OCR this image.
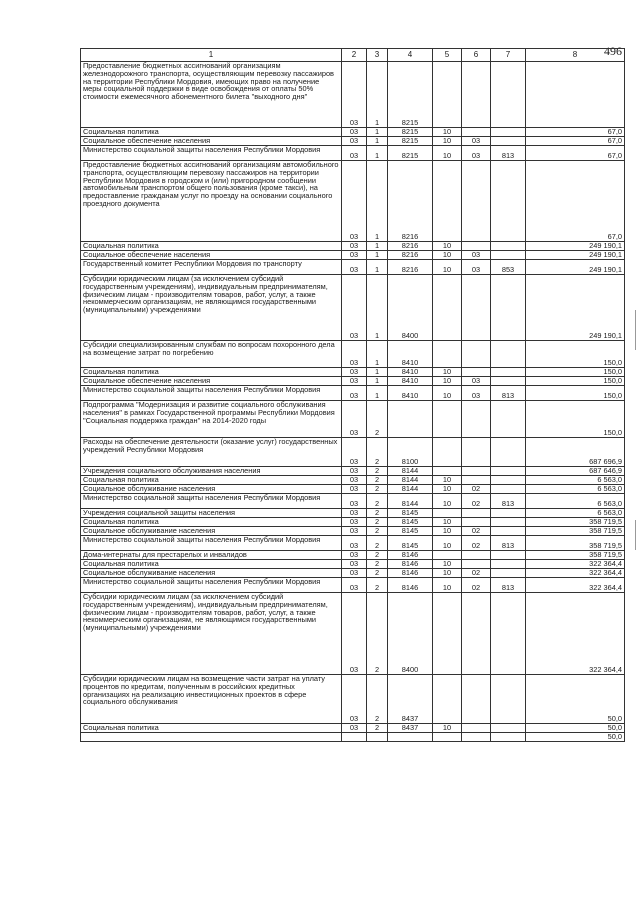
496
1	2	3	4	5	6	7	8
Предоставление бюджетных ассигнований организациям железнодорожного транспорта, осуществляющим перевозку пассажиров на территории Республики Мордовия, имеющих право на получение меры социальной поддержки в виде освобождения от оплаты 50% стоимости ежемесячного абонементного билета "выходного дня"	03	1	8215				
Социальная политика	03	1	8215	10			67,0
Социальное обеспечение населения	03	1	8215	10	03		67,0
Министерство социальной защиты населения Республики Мордовия	03	1	8215	10	03	813	67,0
Предоставление бюджетных ассигнований организациям автомобильного транспорта, осуществляющим перевозку пассажиров на территории Республики Мордовия в городском и (или) пригородном сообщении автомобильным транспортом общего пользования (кроме такси), на предоставление гражданам услуг по проезду на основании социального проездного документа	03	1	8216				67,0
Социальная политика	03	1	8216	10			249 190,1
Социальное обеспечение населения	03	1	8216	10	03		249 190,1
Государственный комитет Республики Мордовия по транспорту	03	1	8216	10	03	853	249 190,1
Субсидии юридическим лицам (за исключением субсидий государственным учреждениям), индивидуальным предпринимателям, физическим лицам - производителям товаров, работ, услуг, а также некоммерческим организациям, не являющимся государственными (муниципальными) учреждениями	03	1	8400				249 190,1
Субсидии специализированным службам по вопросам похоронного дела на возмещение затрат по погребению	03	1	8410				150,0
Социальная политика	03	1	8410	10			150,0
Социальное обеспечение населения	03	1	8410	10	03		150,0
Министерство социальной защиты населения Республики Мордовия	03	1	8410	10	03	813	150,0
Подпрограмма "Модернизация и развитие социального обслуживания населения" в рамках Государственной программы Республики Мордовия "Социальная поддержка граждан" на 2014-2020 годы	03	2					150,0
Расходы на обеспечение деятельности (оказание услуг) государственных учреждений Республики Мордовия	03	2	8100				687 696,9
Учреждения социального обслуживания населения	03	2	8144				687 646,9
Социальная политика	03	2	8144	10			6 563,0
Социальное обслуживание населения	03	2	8144	10	02		6 563,0
Министерство социальной защиты населения Республики Мордовия	03	2	8144	10	02	813	6 563,0
Учреждения социальной защиты населения	03	2	8145				6 563,0
Социальная политика	03	2	8145	10			358 719,5
Социальное обслуживание населения	03	2	8145	10	02		358 719,5
Министерство социальной защиты населения Республики Мордовия	03	2	8145	10	02	813	358 719,5
Дома-интернаты для престарелых и инвалидов	03	2	8146				358 719,5
Социальная политика	03	2	8146	10			322 364,4
Социальное обслуживание населения	03	2	8146	10	02		322 364,4
Министерство социальной защиты населения Республики Мордовия	03	2	8146	10	02	813	322 364,4
Субсидии юридическим лицам (за исключением субсидий государственным учреждениям), индивидуальным предпринимателям, физическим лицам - производителям товаров, работ, услуг, а также некоммерческим организациям, не являющимся государственными (муниципальными) учреждениями	03	2	8400				322 364,4
Субсидии юридическим лицам на возмещение части затрат на уплату процентов по кредитам, полученным в российских кредитных организациях на реализацию инвестиционных проектов в сфере социального обслуживания	03	2	8437				50,0
Социальная политика	03	2	8437	10			50,0
							50,0
